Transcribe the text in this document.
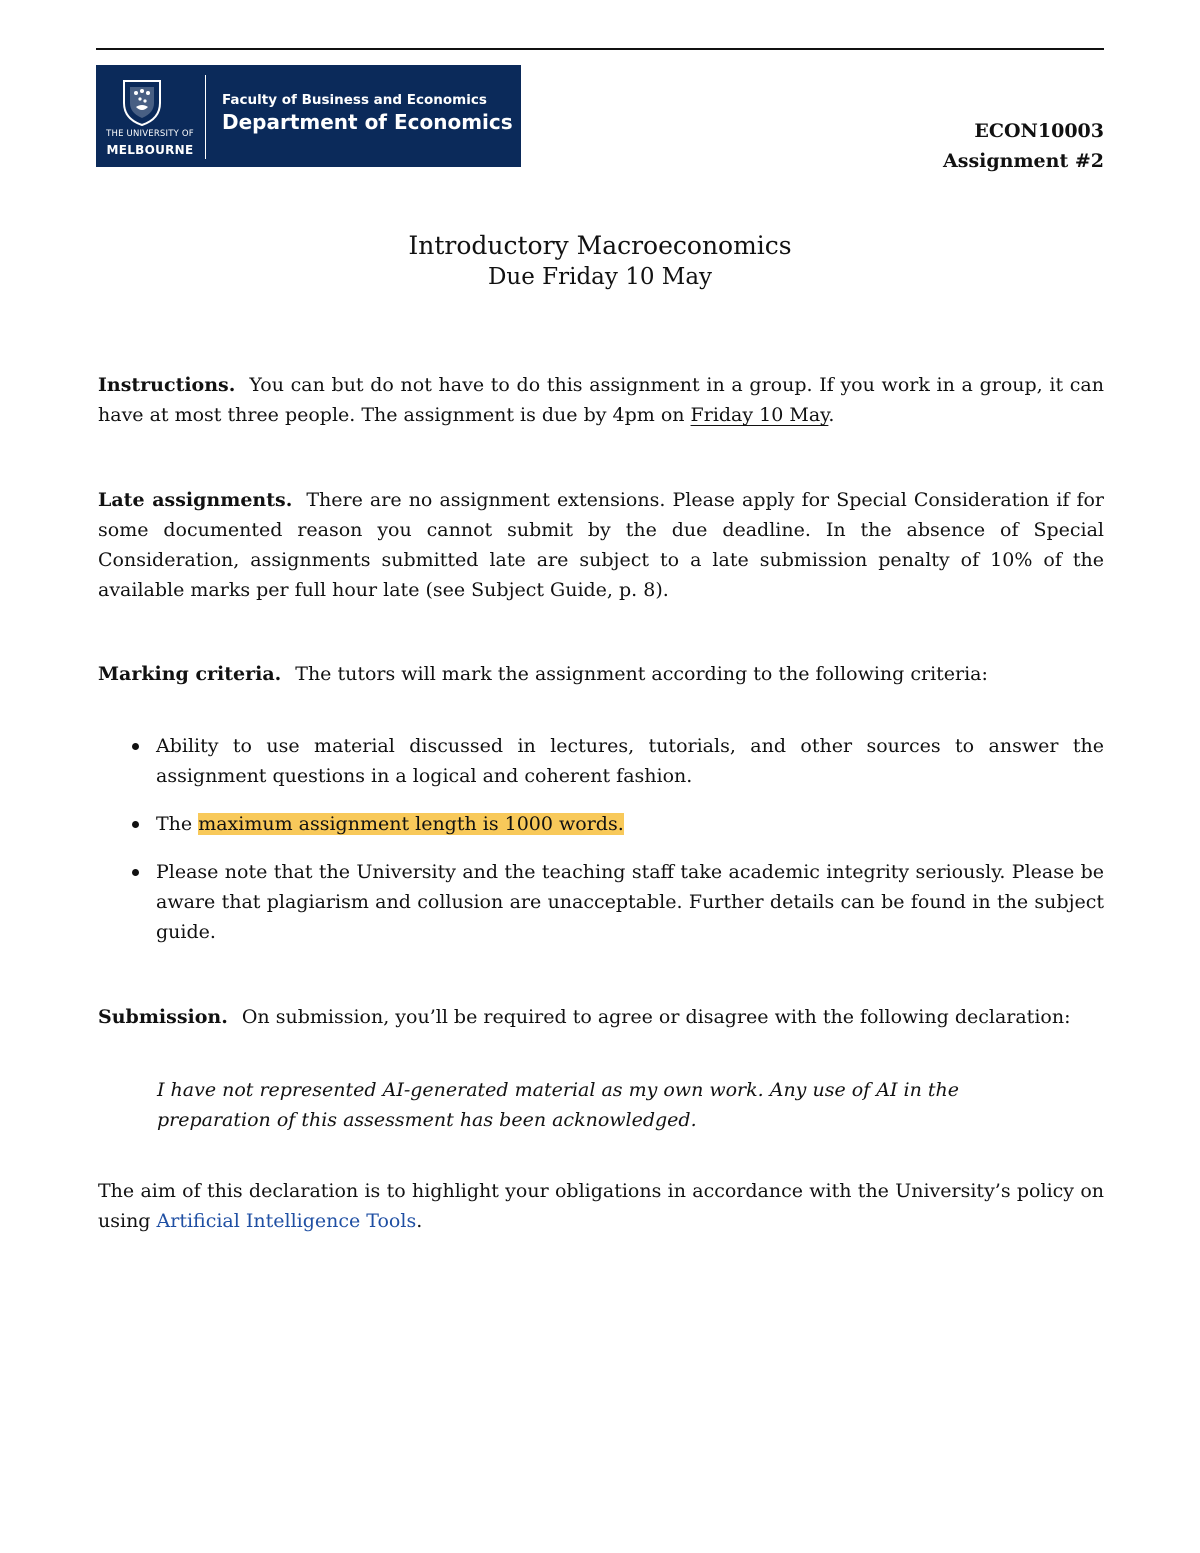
THE UNIVERSITY OF
MELBOURNE
Faculty of Business and Economics
Department of Economics	ECON10003
Assignment #2
Introductory Macroeconomics
Due Friday 10 May
Instructions. You can but do not have to do this assignment in a group. If you work in a group, it can have at most three people. The assignment is due by 4pm on Friday 10 May.
Late assignments. There are no assignment extensions. Please apply for Special Consideration if for some documented reason you cannot submit by the due deadline. In the absence of Special Consideration, assignments submitted late are subject to a late submission penalty of 10% of the available marks per full hour late (see Subject Guide, p. 8).
Marking criteria. The tutors will mark the assignment according to the following criteria:
Ability to use material discussed in lectures, tutorials, and other sources to answer the assignment questions in a logical and coherent fashion.
The maximum assignment length is 1000 words.
Please note that the University and the teaching staff take academic integrity seriously. Please be aware that plagiarism and collusion are unacceptable. Further details can be found in the subject guide.
Submission. On submission, you’ll be required to agree or disagree with the following declaration:
I have not represented AI-generated material as my own work. Any use of AI in the preparation of this assessment has been acknowledged.
The aim of this declaration is to highlight your obligations in accordance with the University’s policy on using Artificial Intelligence Tools.
